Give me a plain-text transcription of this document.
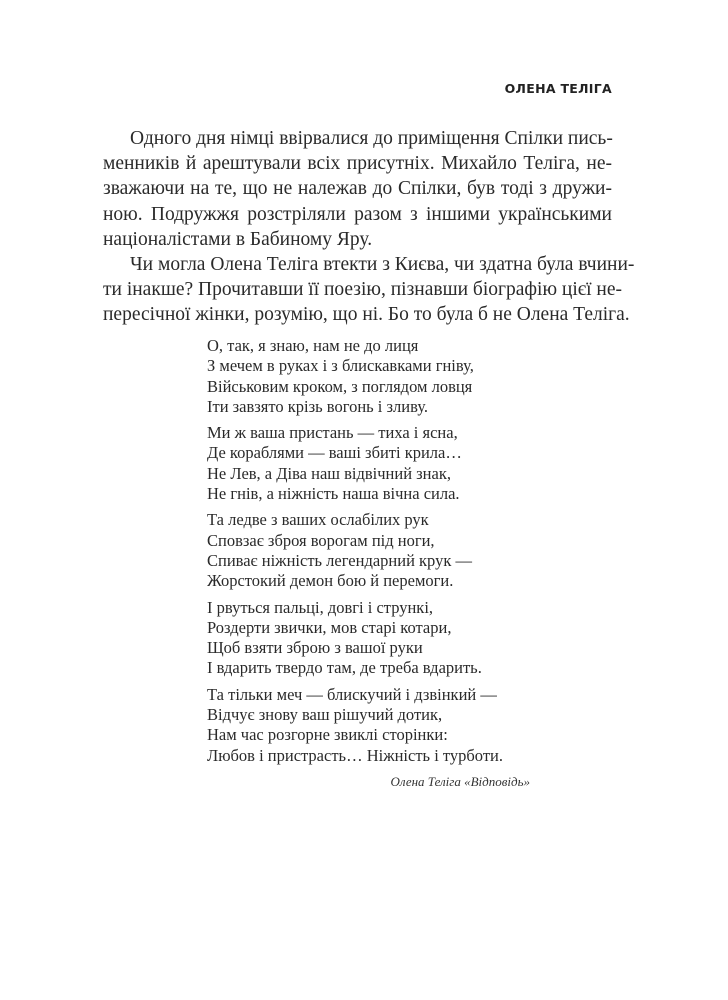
ОЛЕНА ТЕЛІГА
Одного дня німці ввірвалися до приміщення Спілки пись-
менників й арештували всіх присутніх. Михайло Теліга, не-
зважаючи на те, що не належав до Спілки, був тоді з дружи-
ною. Подружжя розстріляли разом з іншими українськими
націоналістами в Бабиному Яру.
Чи могла Олена Теліга втекти з Києва, чи здатна була вчини-
ти інакше? Прочитавши її поезію, пізнавши біографію цієї не-
пересічної жінки, розумію, що ні. Бо то була б не Олена Теліга.
О, так, я знаю, нам не до лиця
З мечем в руках і з блискавками гніву,
Військовим кроком, з поглядом ловця
Іти завзято крізь вогонь і зливу.
Ми ж ваша пристань — тиха і ясна,
Де кораблями — ваші збиті крила…
Не Лев, а Діва наш відвічний знак,
Не гнів, а ніжність наша вічна сила.
Та ледве з ваших ослабілих рук
Сповзає зброя ворогам під ноги,
Спиває ніжність легендарний крук —
Жорстокий демон бою й перемоги.
І рвуться пальці, довгі і стрункі,
Роздерти звички, мов старі котари,
Щоб взяти зброю з вашої руки
І вдарить твердо там, де треба вдарить.
Та тільки меч — блискучий і дзвінкий —
Відчує знову ваш рішучий дотик,
Нам час розгорне звиклі сторінки:
Любов і пристрасть… Ніжність і турботи.
Олена Теліга «Відповідь»
